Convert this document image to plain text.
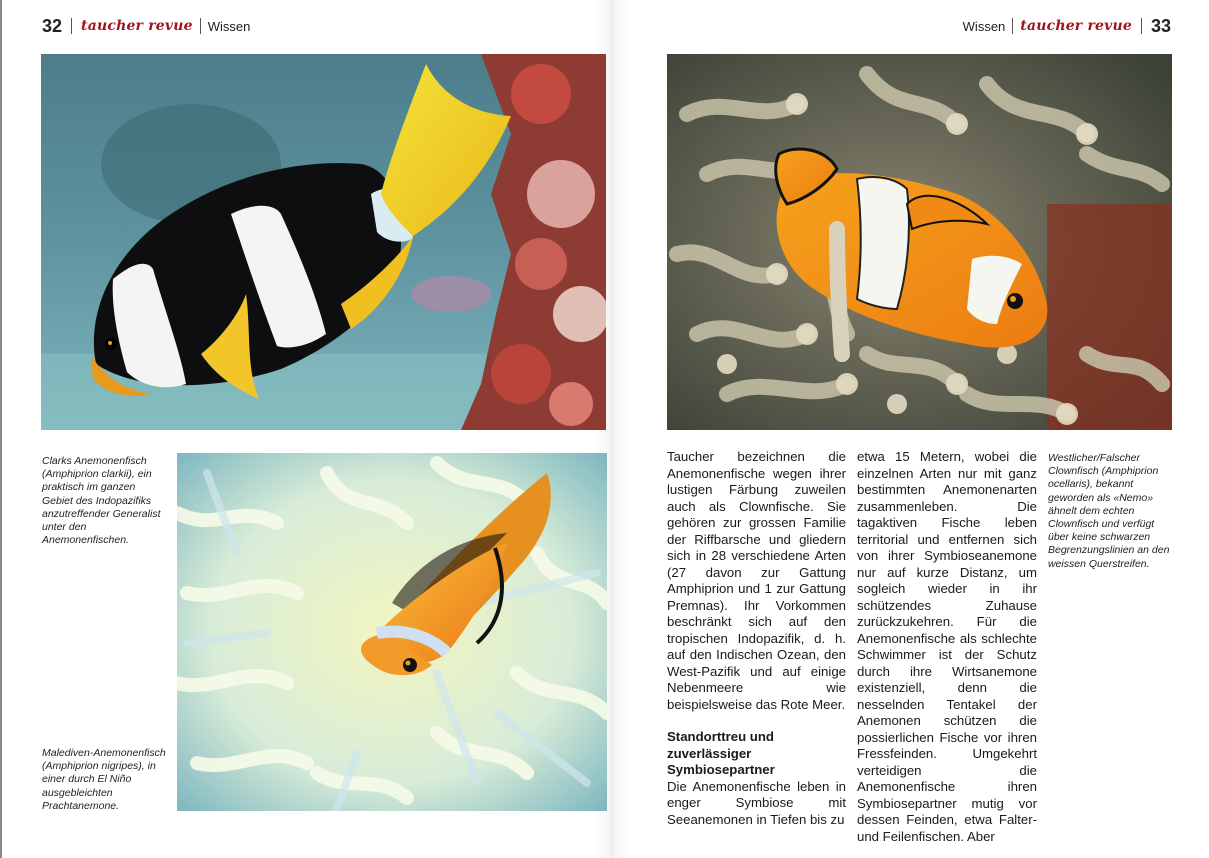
32 taucher revue Wissen	Wissen taucher revue 33
Clarks Anemonenfisch (Amphiprion clarkii), ein praktisch im ganzen Gebiet des Indopazifiks anzutreffender Generalist unter den Anemonenfischen.
Malediven-Anemonenfisch (Amphiprion nigripes), in einer durch El Niño ausgebleichten Prachtanemone.
Westlicher/Falscher Clownfisch (Amphiprion ocellaris), bekannt geworden als «Nemo» ähnelt dem echten Clownfisch und verfügt über keine schwarzen Begrenzungslinien an den weissen Querstreifen.

Taucher bezeichnen die Anemonenfische wegen ihrer lustigen Färbung zuweilen auch als Clownfische. Sie gehören zur grossen Familie der Riffbarsche und gliedern sich in 28 verschiedene Arten (27 davon zur Gattung Amphiprion und 1 zur Gattung Premnas). Ihr Vorkommen beschränkt sich auf den tropischen Indopazifik, d. h. auf den Indischen Ozean, den West-Pazifik und auf einige Nebenmeere wie beispielsweise das Rote Meer.

Standorttreu und zuverlässiger Symbiosepartner

Die Anemonenfische leben in enger Symbiose mit Seeanemonen in Tiefen bis zu

etwa 15 Metern, wobei die einzelnen Arten nur mit ganz bestimmten Anemonenarten zusammenleben. Die tagaktiven Fische leben territorial und entfernen sich von ihrer Symbioseanemone nur auf kurze Distanz, um sogleich wieder in ihr schützendes Zuhause zurückzukehren. Für die Anemonenfische als schlechte Schwimmer ist der Schutz durch ihre Wirtsanemone existenziell, denn die nesselnden Tentakel der Anemonen schützen die possierlichen Fische vor ihren Fressfeinden. Umgekehrt verteidigen die Anemonenfische ihren Symbiosepartner mutig vor dessen Feinden, etwa Falter- und Feilenfischen. Aber
